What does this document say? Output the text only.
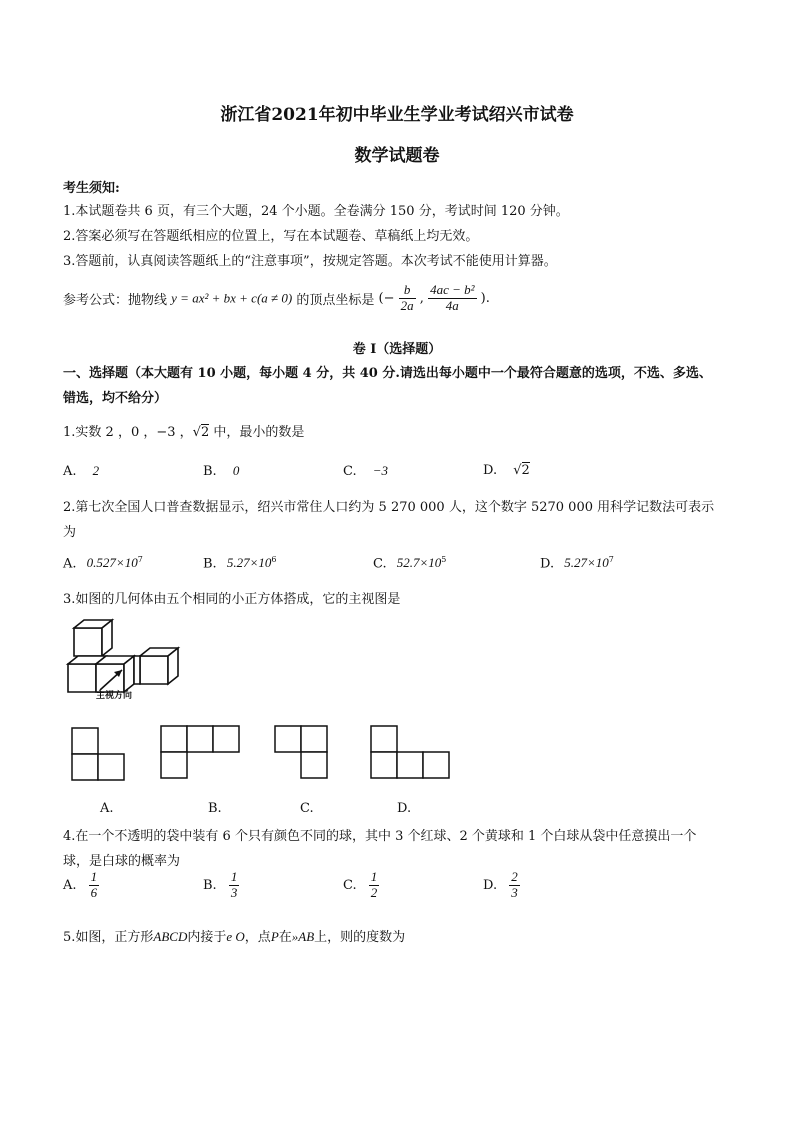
浙江省2021年初中毕业生学业考试绍兴市试卷
数学试题卷
考生须知:
1.本试题卷共 6 页，有三个大题，24 个小题。全卷满分 150 分，考试时间 120 分钟。
2.答案必须写在答题纸相应的位置上，写在本试题卷、草稿纸上均无效。
3.答题前，认真阅读答题纸上的“注意事项”，按规定答题。本次考试不能使用计算器。
参考公式：抛物线 y = ax² + bx + c(a ≠ 0) 的顶点坐标是 (− $\frac{b}{2a}$ , $\frac{\text{4ac − b²}}{4a}$ ).
卷 I（选择题）
一、选择题（本大题有 10 小题，每小题 4 分，共 40 分.请选出每小题中一个最符合题意的选项，不选、多选、
错选，均不给分）
1.实数 2 ，0 ，−3 ，√2 中，最小的数是
A. 2	B. 0	C. −3	D. √2
2.第七次全国人口普查数据显示，绍兴市常住人口约为 5 270 000 人，这个数字 5270 000 用科学记数法可表示
为
A. $0.527\times 10^7$	B. $5.27\times 10^6$	C. $52.7\times 10^5$	D. $5.27\times 10^7$
3.如图的几何体由五个相同的小正方体搭成，它的主视图是
主视方向
A.	B.	C.	D.
4.在一个不透明的袋中装有 6 个只有颜色不同的球，其中 3 个红球、2 个黄球和 1 个白球从袋中任意摸出一个
球，是白球的概率为
A. $\frac{1}{6}$	B. $\frac{1}{3}$	C. $\frac{1}{2}$	D. $\frac{2}{3}$
5.如图，正方形ABCD内接于e O，点P在»AB上，则的度数为
